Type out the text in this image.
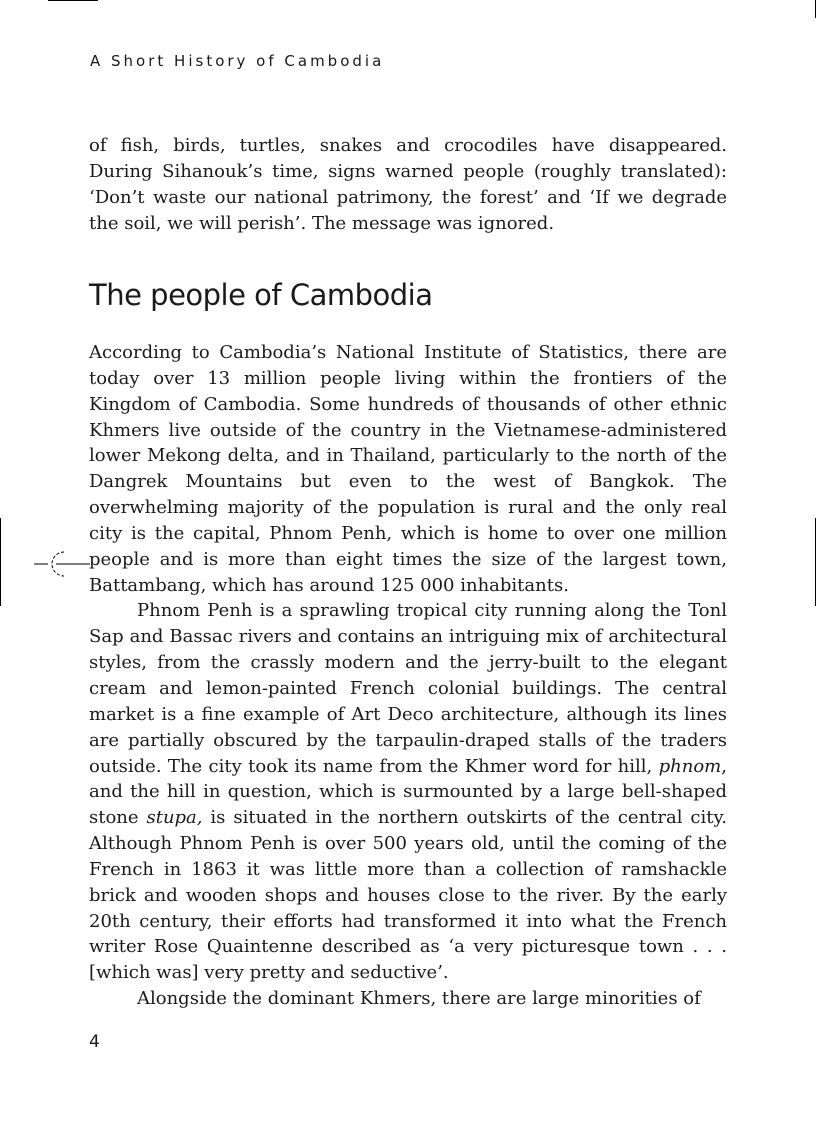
A Short History of Cambodia

of fish, birds, turtles, snakes and crocodiles have disappeared. During Sihanouk’s time, signs warned people (roughly translated): ‘Don’t waste our national patrimony, the forest’ and ‘If we degrade the soil, we will perish’. The message was ignored.

The people of Cambodia

According to Cambodia’s National Institute of Statistics, there are today over 13 million people living within the frontiers of the Kingdom of Cambodia. Some hundreds of thousands of other ethnic Khmers live outside of the country in the Vietnamese-administered lower Mekong delta, and in Thailand, particularly to the north of the Dangrek Mountains but even to the west of Bangkok. The overwhelming majority of the population is rural and the only real city is the capital, Phnom Penh, which is home to over one million people and is more than eight times the size of the largest town, Battambang, which has around 125 000 inhabitants.

Phnom Penh is a sprawling tropical city running along the Tonl Sap and Bassac rivers and contains an intriguing mix of architectural styles, from the crassly modern and the jerry-built to the elegant cream and lemon-painted French colonial buildings. The central market is a fine example of Art Deco architecture, although its lines are partially obscured by the tarpaulin-draped stalls of the traders outside. The city took its name from the Khmer word for hill, phnom, and the hill in question, which is surmounted by a large bell-shaped stone stupa, is situated in the northern outskirts of the central city. Although Phnom Penh is over 500 years old, until the coming of the French in 1863 it was little more than a collection of ramshackle brick and wooden shops and houses close to the river. By the early 20th century, their efforts had transformed it into what the French writer Rose Quaintenne described as ‘a very picturesque town . . . [which was] very pretty and seductive’.

Alongside the dominant Khmers, there are large minorities of

4
